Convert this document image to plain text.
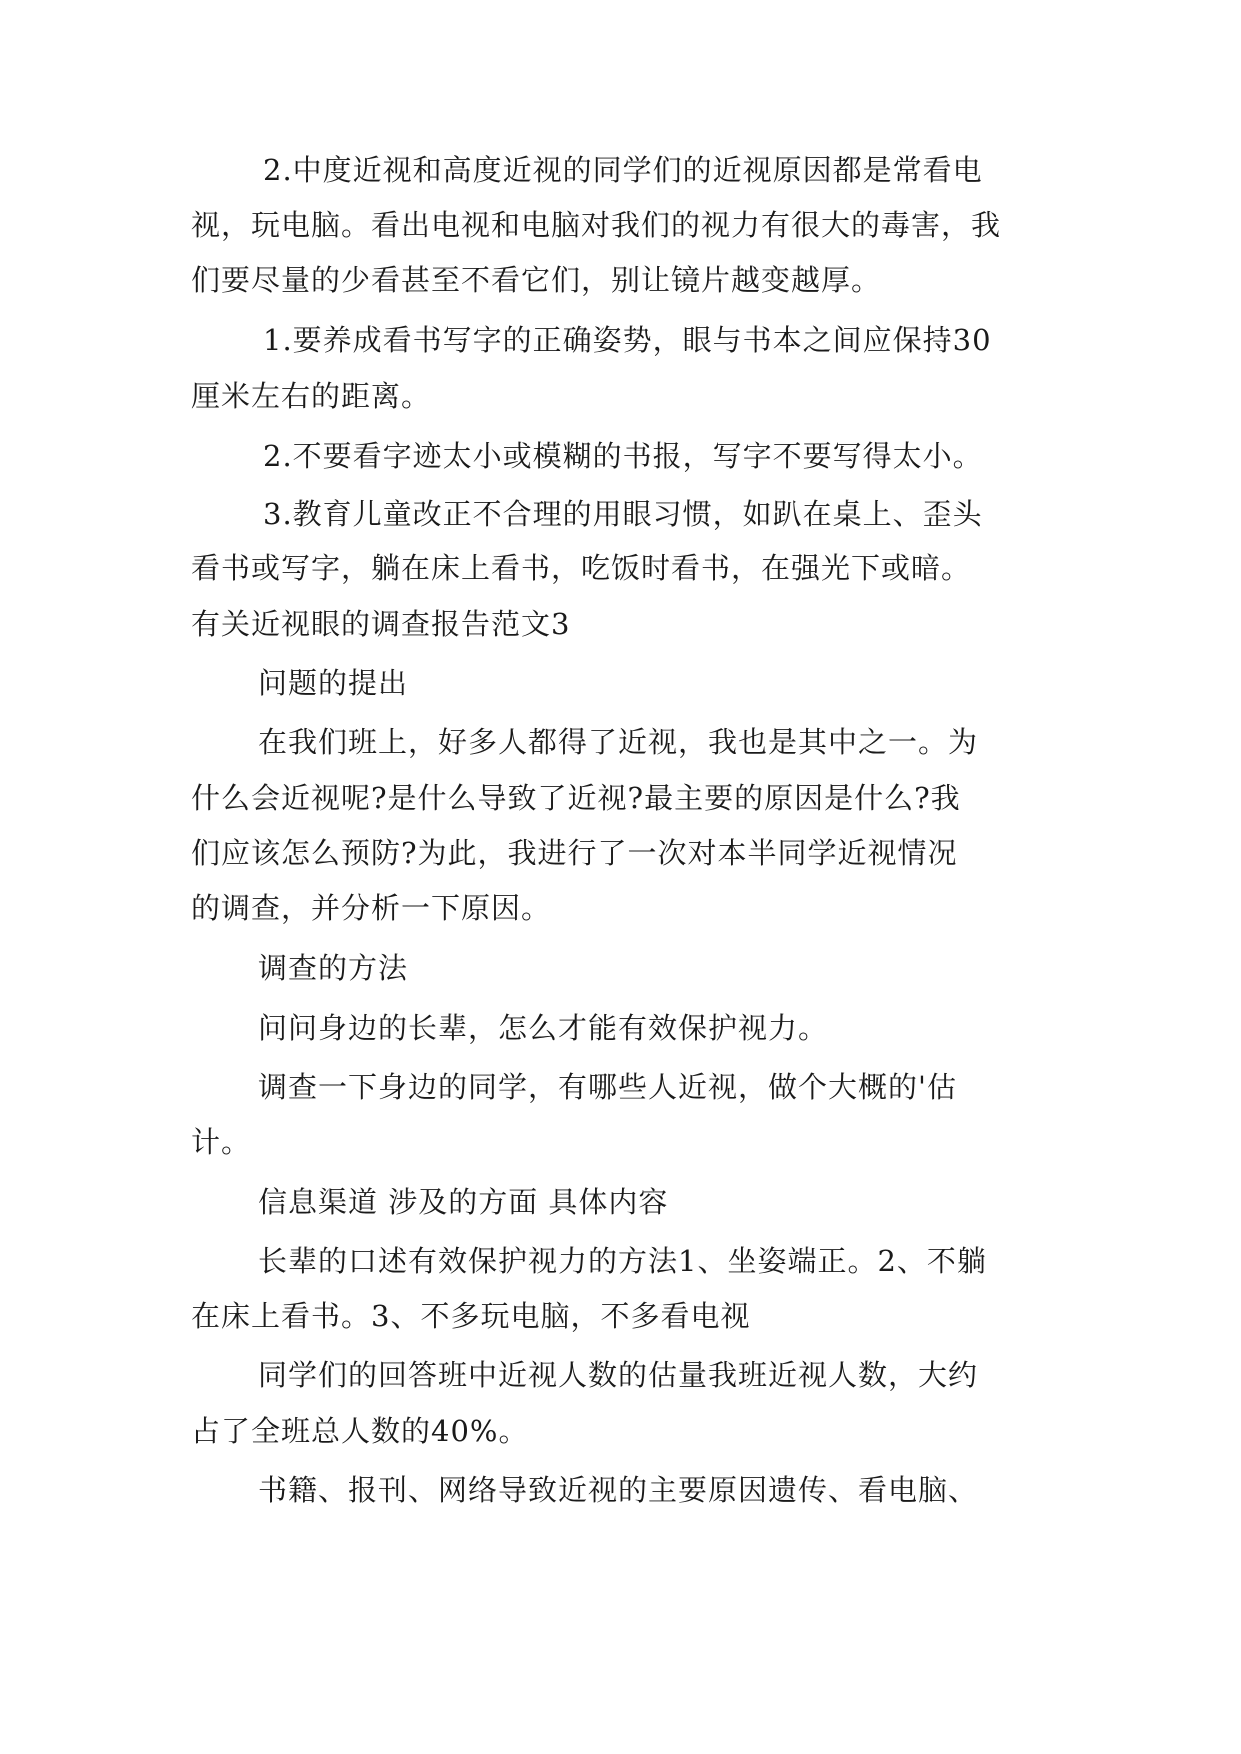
2.中度近视和高度近视的同学们的近视原因都是常看电
视，玩电脑。看出电视和电脑对我们的视力有很大的毒害，我
们要尽量的少看甚至不看它们，别让镜片越变越厚。
1.要养成看书写字的正确姿势，眼与书本之间应保持30
厘米左右的距离。
2.不要看字迹太小或模糊的书报，写字不要写得太小。
3.教育儿童改正不合理的用眼习惯，如趴在桌上、歪头
看书或写字，躺在床上看书，吃饭时看书，在强光下或暗。
有关近视眼的调查报告范文3
问题的提出
在我们班上，好多人都得了近视，我也是其中之一。为
什么会近视呢?是什么导致了近视?最主要的原因是什么?我
们应该怎么预防?为此，我进行了一次对本半同学近视情况
的调查，并分析一下原因。
调查的方法
问问身边的长辈，怎么才能有效保护视力。
调查一下身边的同学，有哪些人近视，做个大概的'估
计。
信息渠道 涉及的方面 具体内容
长辈的口述有效保护视力的方法1、坐姿端正。2、不躺
在床上看书。3、不多玩电脑，不多看电视
同学们的回答班中近视人数的估量我班近视人数，大约
占了全班总人数的40%。
书籍、报刊、网络导致近视的主要原因遗传、看电脑、
